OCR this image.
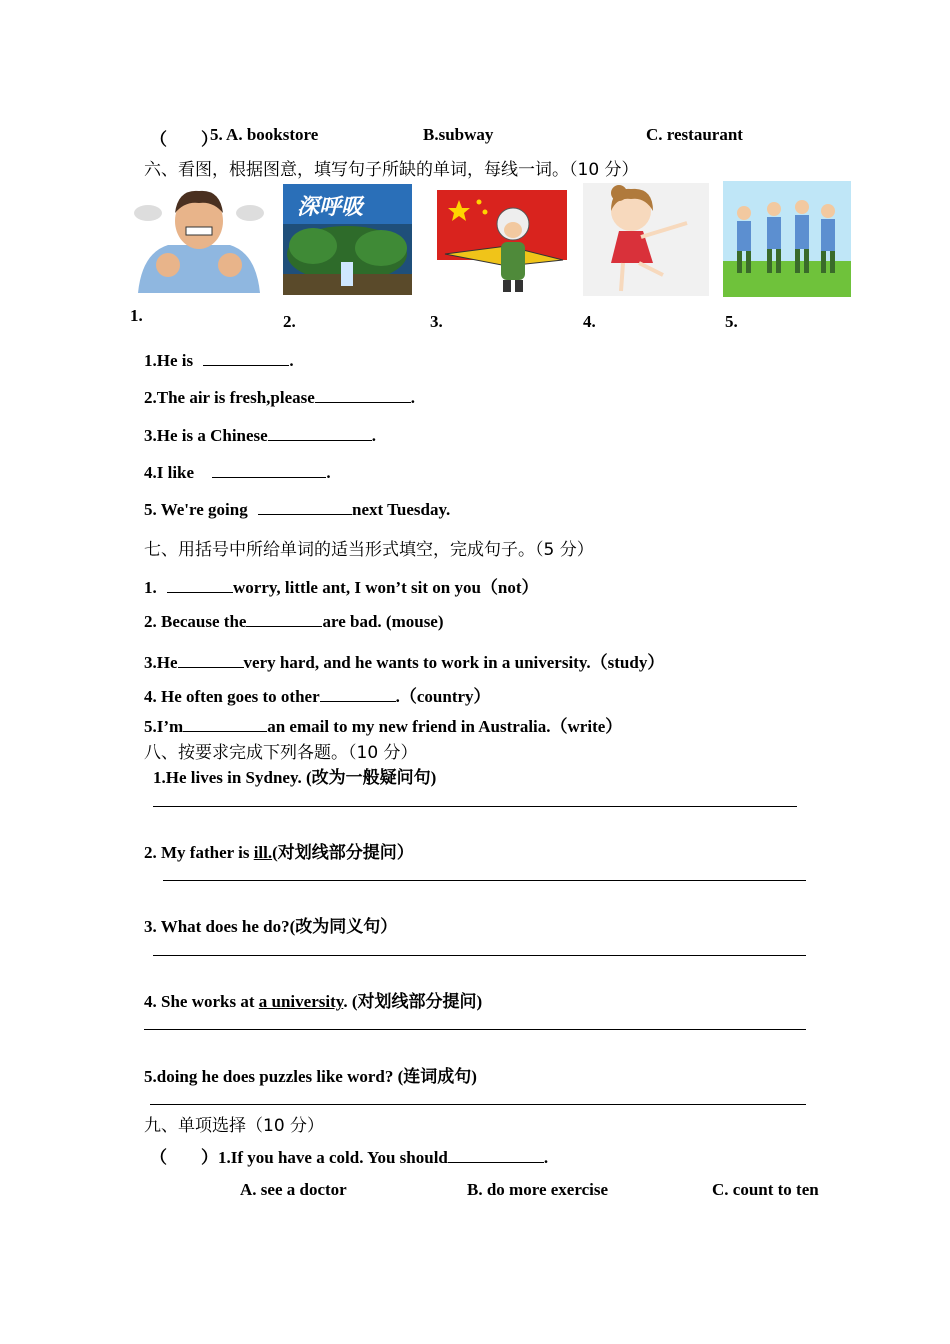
（　　）
5. A. bookstore	B.subway	C. restaurant
六、看图，根据图意，填写句子所缺的单词，每线一词。（10 分）
深呼吸
1.	2.	3.	4.	5.
1.He is	.
2.The air is fresh,please	.
3.He is a Chinese	.
4.I like	.
5. We're going	next Tuesday.
七、用括号中所给单词的适当形式填空，完成句子。（5 分）
1.	worry, little ant, I won’t sit on you（not）
2. Because the	are bad. (mouse)
3.He	very hard, and he wants to work in a university.（study）
4. He often goes to other	.（country）
5.I’m	an email to my new friend in Australia.（write）
八、按要求完成下列各题。（10 分）
1.He lives in Sydney. (改为一般疑问句)
2. My father is ill.(对划线部分提问）
3. What does he do?(改为同义句）
4. She works at a university. (对划线部分提问)
5.doing he does puzzles like word? (连词成句)
九、单项选择（10 分）
（　　）1.If you have a cold. You should	.
A. see a doctor	B. do more exercise	C. count to ten
